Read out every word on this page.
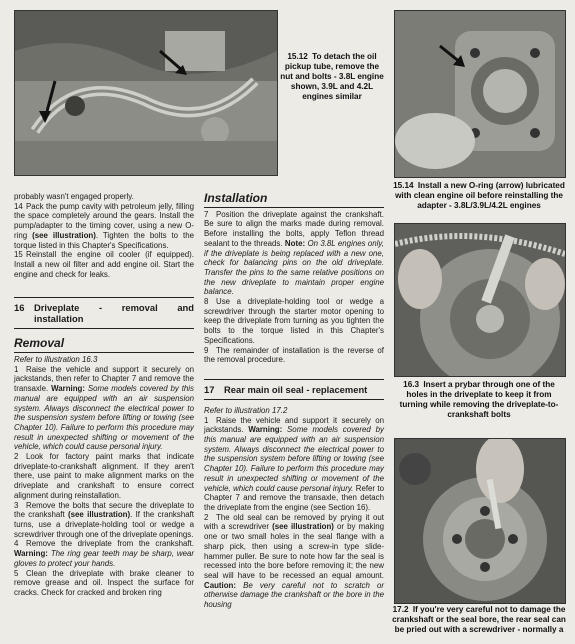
15.12 To detach the oil pickup tube, remove the nut and bolts - 3.8L engine shown, 3.9L and 4.2L engines similar
15.14 Install a new O-ring (arrow) lubricated with clean engine oil before reinstalling the adapter - 3.8L/3.9L/4.2L engines
16.3 Insert a prybar through one of the holes in the driveplate to keep it from turning while removing the driveplate-to-crankshaft bolts
17.2 If you're very careful not to damage the crankshaft or the seal bore, the rear seal can be pried out with a screwdriver - normally a

probably wasn't engaged properly.

14 Pack the pump cavity with petroleum jelly, filling the space completely around the gears. Install the pump/adapter to the timing cover, using a new O-ring (see illustration). Tighten the bolts to the torque listed in this Chapter's Specifications.

15 Reinstall the engine oil cooler (if equipped). Install a new oil filter and add engine oil. Start the engine and check for leaks.

16	Driveplate - removal and installation
Removal

Refer to illustration 16.3

1 Raise the vehicle and support it securely on jackstands, then refer to Chapter 7 and remove the transaxle. Warning: Some models covered by this manual are equipped with an air suspension system. Always disconnect the electrical power to the suspension system before lifting or towing (see Chapter 10). Failure to perform this procedure may result in unexpected shifting or movement of the vehicle, which could cause personal injury.

2 Look for factory paint marks that indicate driveplate-to-crankshaft alignment. If they aren't there, use paint to make alignment marks on the driveplate and crankshaft to ensure correct alignment during reinstallation.

3 Remove the bolts that secure the driveplate to the crankshaft (see illustration). If the crankshaft turns, use a driveplate-holding tool or wedge a screwdriver through one of the driveplate openings.

4 Remove the driveplate from the crankshaft. Warning: The ring gear teeth may be sharp, wear gloves to protect your hands.

5 Clean the driveplate with brake cleaner to remove grease and oil. Inspect the surface for cracks. Check for cracked and broken ring

Installation

7 Position the driveplate against the crankshaft. Be sure to align the marks made during removal. Before installing the bolts, apply Teflon thread sealant to the threads. Note: On 3.8L engines only, if the driveplate is being replaced with a new one, check for balancing pins on the old driveplate. Transfer the pins to the same relative positions on the new driveplate to maintain proper engine balance.

8 Use a driveplate-holding tool or wedge a screwdriver through the starter motor opening to keep the driveplate from turning as you tighten the bolts to the torque listed in this Chapter's Specifications.

9 The remainder of installation is the reverse of the removal procedure.

17	Rear main oil seal - replacement

Refer to illustration 17.2

1 Raise the vehicle and support it securely on jackstands. Warning: Some models covered by this manual are equipped with an air suspension system. Always disconnect the electrical power to the suspension system before lifting or towing (see Chapter 10). Failure to perform this procedure may result in unexpected shifting or movement of the vehicle, which could cause personal injury. Refer to Chapter 7 and remove the transaxle, then detach the driveplate from the engine (see Section 16).

2 The old seal can be removed by prying it out with a screwdriver (see illustration) or by making one or two small holes in the seal flange with a sharp pick, then using a screw-in type slide-hammer puller. Be sure to note how far the seal is recessed into the bore before removing it; the new seal will have to be recessed an equal amount. Caution: Be very careful not to scratch or otherwise damage the crankshaft or the bore in the housing
